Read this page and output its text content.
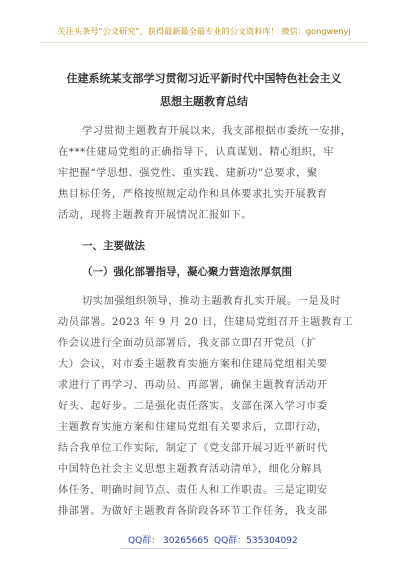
关注头条号“公文研究”，获得最新最全最专业的公文资料库！ 微信：gongwenyj
住建系统某支部学习贯彻习近平新时代中国特色社会主义
思想主题教育总结
学习贯彻主题教育开展以来，我支部根据市委统一安排，
在***住建局党组的正确指导下，认真谋划、精心组织，牢
牢把握“学思想、强党性、重实践、建新功”总要求，聚
焦目标任务，严格按照规定动作和具体要求扎实开展教育
活动，现将主题教育开展情况汇报如下。
一、主要做法
（一）强化部署指导，凝心聚力营造浓厚氛围
切实加强组织领导，推动主题教育扎实开展。一是及时
动员部署。2023 年 9 月 20 日，住建局党组召开主题教育工
作会议进行全面动员部署后，我支部立即召开党员（扩
大）会议，对市委主题教育实施方案和住建局党组相关要
求进行了再学习、再动员、再部署，确保主题教育活动开
好头、起好步。二是强化责任落实。支部在深入学习市委
主题教育实施方案和住建局党组有关要求后，立即行动，
结合我单位工作实际，制定了《党支部开展习近平新时代
中国特色社会主义思想主题教育活动清单》，细化分解具
体任务，明确时间节点、责任人和工作职责。三是定期安
排部署。为做好主题教育各阶段各环节工作任务，我支部
QQ群： 30265665 QQ群：535304092
